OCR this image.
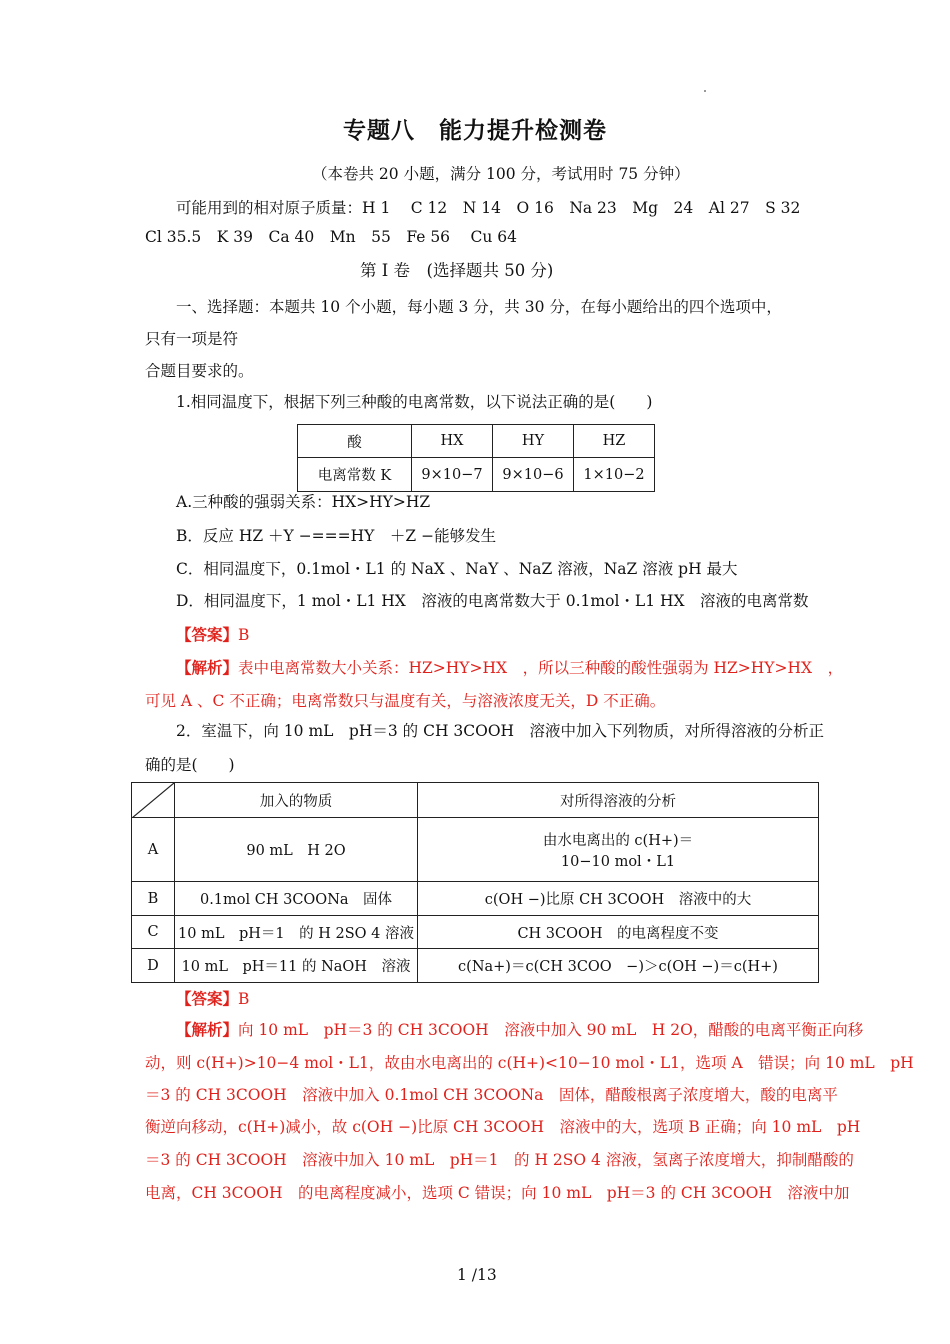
专题八　能力提升检测卷
（本卷共 20 小题，满分 100 分，考试用时 75 分钟）
可能用到的相对原子质量：H 1　 C 12　N 14　O 16　Na 23　Mg　24　Al 27　S 32
Cl 35.5　K 39　Ca 40　Mn　55　Fe 56　 Cu 64
第 I 卷　(选择题共 50 分)
一、选择题：本题共 10 个小题，每小题 3 分，共 30 分，在每小题给出的四个选项中，
只有一项是符
合题目要求的。
1.相同温度下，根据下列三种酸的电离常数，以下说法正确的是(　　)
酸	HX	HY	HZ
电离常数 K	9×10−7	9×10−6	1×10−2
A.三种酸的强弱关系：HX>HY>HZ
B．反应 HZ ＋Y −===HY　＋Z −能够发生
C．相同温度下，0.1mol・L1 的 NaX 、NaY 、NaZ 溶液，NaZ 溶液 pH 最大
D．相同温度下，1 mol・L1 HX　溶液的电离常数大于 0.1mol・L1 HX　溶液的电离常数
【答案】B
【解析】表中电离常数大小关系：HZ>HY>HX　，所以三种酸的酸性强弱为 HZ>HY>HX　，
可见 A 、C 不正确；电离常数只与温度有关，与溶液浓度无关，D 不正确。
2．室温下，向 10 mL　pH＝3 的 CH 3COOH　溶液中加入下列物质，对所得溶液的分析正
确的是(　　)
	加入的物质	对所得溶液的分析
A	90 mL　H 2O	由水电离出的 c(H+)＝10−10 mol・L1
B	0.1mol CH 3COONa　固体	c(OH −)比原 CH 3COOH　溶液中的大
C	10 mL　pH＝1　的 H 2SO 4 溶液	CH 3COOH　的电离程度不变
D	10 mL　pH＝11 的 NaOH　溶液	c(Na+)＝c(CH 3COO　−)＞c(OH −)＝c(H+)
【答案】B
【解析】向 10 mL　pH＝3 的 CH 3COOH　溶液中加入 90 mL　H 2O，醋酸的电离平衡正向移
动，则 c(H+)>10−4 mol・L1，故由水电离出的 c(H+)<10−10 mol・L1，选项 A　错误；向 10 mL　pH
＝3 的 CH 3COOH　溶液中加入 0.1mol CH 3COONa　固体，醋酸根离子浓度增大，酸的电离平
衡逆向移动，c(H+)减小，故 c(OH −)比原 CH 3COOH　溶液中的大，选项 B 正确；向 10 mL　pH
＝3 的 CH 3COOH　溶液中加入 10 mL　pH＝1　的 H 2SO 4 溶液，氢离子浓度增大，抑制醋酸的
电离，CH 3COOH　的电离程度减小，选项 C 错误；向 10 mL　pH＝3 的 CH 3COOH　溶液中加
1 /13
